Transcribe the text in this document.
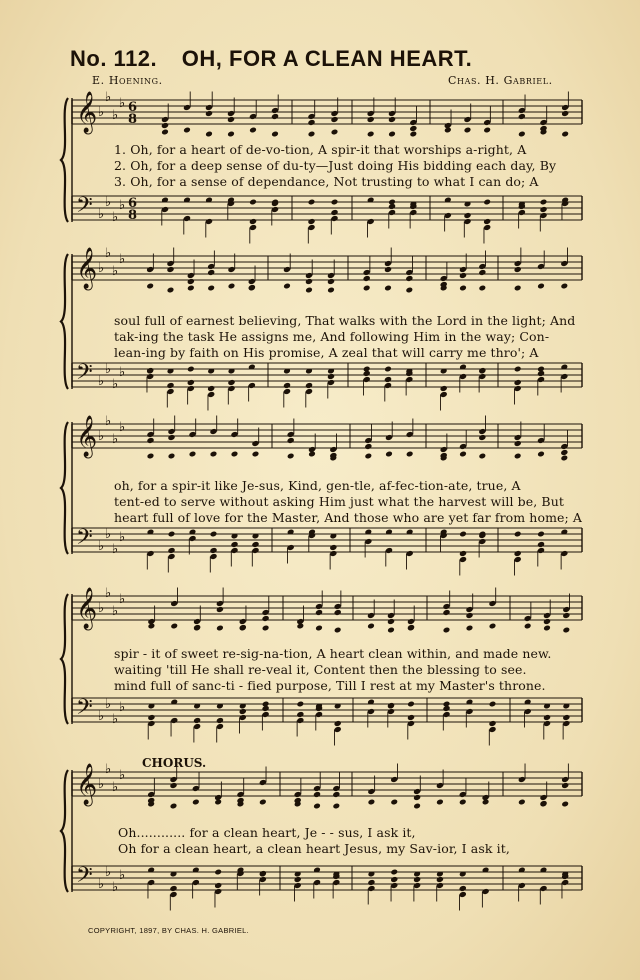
No. 112. OH, FOR A CLEAN HEART.
E. Hoening.	Chas. H. Gabriel.
CHORUS.
𝄞 ♭
♭
♭
♭ 6
8
𝄢 ♭
♭
♭
♭ 6
8
𝄞 ♭
♭
♭
♭
𝄢 ♭
♭
♭
♭
𝄞 ♭
♭
♭
♭
𝄢 ♭
♭
♭
♭
𝄞 ♭
♭
♭
♭
𝄢 ♭
♭
♭
♭
𝄞 ♭
♭
♭
♭
𝄢 ♭
♭
♭
♭
COPYRIGHT, 1897, BY CHAS. H. GABRIEL.
1. Oh, for a heart of de-vo-tion, A spir-it that worships a-right, A
2. Oh, for a deep sense of du-ty—Just doing His bidding each day, By
3. Oh, for a sense of dependance, Not trusting to what I can do; A
soul full of earnest believing, That walks with the Lord in the light; And
tak-ing the task He assigns me, And following Him in the way; Con-
lean-ing by faith on His promise, A zeal that will carry me thro'; A
oh, for a spir-it like Je-sus, Kind, gen-tle, af-fec-tion-ate, true, A
tent-ed to serve without asking Him just what the harvest will be, But
heart full of love for the Master, And those who are yet far from home; A
spir - it of sweet re-sig-na-tion, A heart clean within, and made new.
waiting 'till He shall re-veal it, Content then the blessing to see.
mind full of sanc-ti - fied purpose, Till I rest at my Master's throne.
Oh............ for a clean heart, Je - - sus, I ask it,
Oh for a clean heart, a clean heart Jesus, my Sav-ior, I ask it,
